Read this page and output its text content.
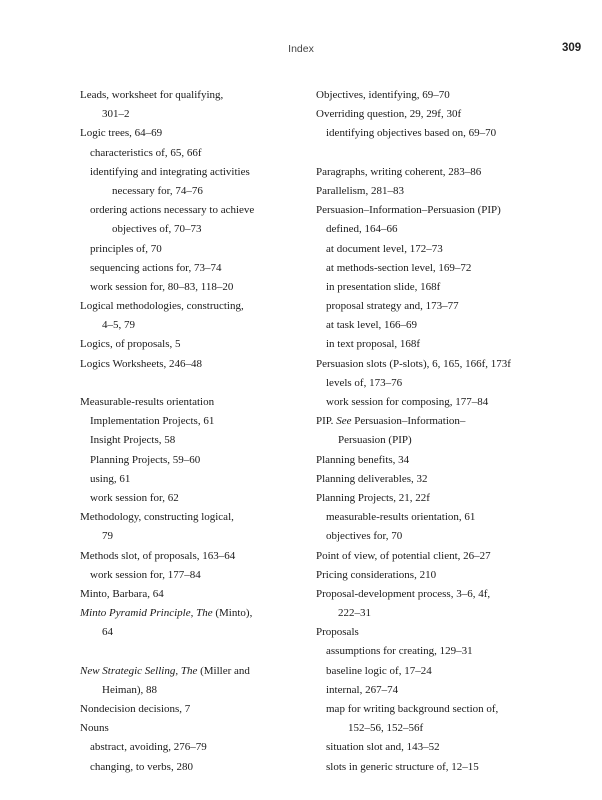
Index	309
Leads, worksheet for qualifying,
301–2
Logic trees, 64–69
characteristics of, 65, 66f
identifying and integrating activities
necessary for, 74–76
ordering actions necessary to achieve
objectives of, 70–73
principles of, 70
sequencing actions for, 73–74
work session for, 80–83, 118–20
Logical methodologies, constructing,
4–5, 79
Logics, of proposals, 5
Logics Worksheets, 246–48
Measurable-results orientation
Implementation Projects, 61
Insight Projects, 58
Planning Projects, 59–60
using, 61
work session for, 62
Methodology, constructing logical,
79
Methods slot, of proposals, 163–64
work session for, 177–84
Minto, Barbara, 64
Minto Pyramid Principle, The (Minto),
64
New Strategic Selling, The (Miller and
Heiman), 88
Nondecision decisions, 7
Nouns
abstract, avoiding, 276–79
changing, to verbs, 280
Objectives, identifying, 69–70
Overriding question, 29, 29f, 30f
identifying objectives based on, 69–70
Paragraphs, writing coherent, 283–86
Parallelism, 281–83
Persuasion–Information–Persuasion (PIP)
defined, 164–66
at document level, 172–73
at methods-section level, 169–72
in presentation slide, 168f
proposal strategy and, 173–77
at task level, 166–69
in text proposal, 168f
Persuasion slots (P-slots), 6, 165, 166f, 173f
levels of, 173–76
work session for composing, 177–84
PIP. See Persuasion–Information–
Persuasion (PIP)
Planning benefits, 34
Planning deliverables, 32
Planning Projects, 21, 22f
measurable-results orientation, 61
objectives for, 70
Point of view, of potential client, 26–27
Pricing considerations, 210
Proposal-development process, 3–6, 4f,
222–31
Proposals
assumptions for creating, 129–31
baseline logic of, 17–24
internal, 267–74
map for writing background section of,
152–56, 152–56f
situation slot and, 143–52
slots in generic structure of, 12–15
